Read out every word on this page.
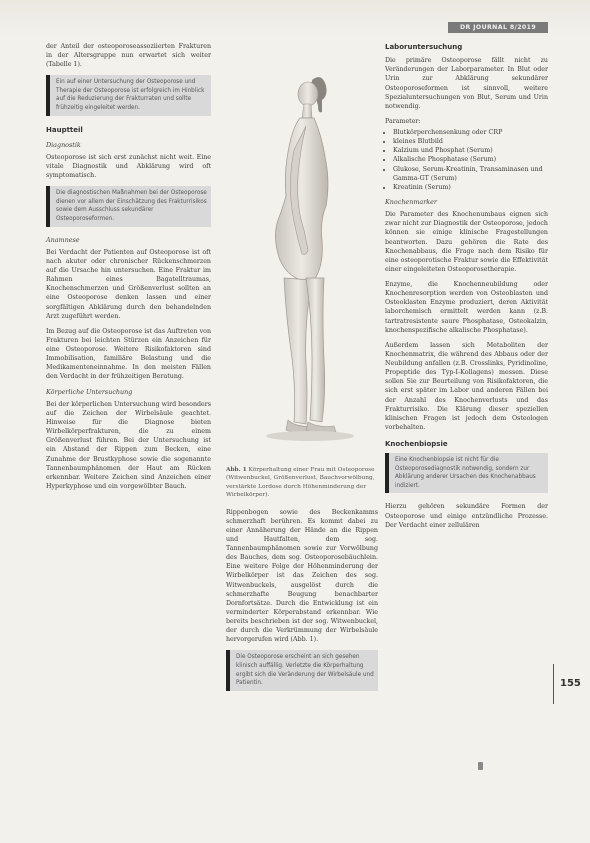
DR JOURNAL 8/2019

der Anteil der osteoporoseassoziierten Frakturen in der Altersgruppe nun erwartet sich weiter (Tabelle 1).

Ein auf einer Untersuchung der Osteoporose und Therapie der Osteoporose ist erfolgreich im Hinblick auf die Reduzierung der Frakturraten und sollte frühzeitig eingeleitet werden.
Hauptteil
Diagnostik

Osteoporose ist sich erst zunächst nicht weit. Eine vitale Diagnostik und Abklärung wird oft symptomatisch.

Die diagnostischen Maßnahmen bei der Osteoporose dienen vor allem der Einschätzung des Frakturrisikos sowie dem Ausschluss sekundärer Osteoporoseformen.
Anamnese

Bei Verdacht der Patienten auf Osteoporose ist oft nach akuter oder chronischer Rückenschmerzen auf die Ursache hin untersuchen. Eine Fraktur im Rahmen eines Bagatelltraumas, Knochenschmerzen und Größenverlust sollten an eine Osteoporose denken lassen und einer sorgfältigen Abklärung durch den behandelnden Arzt zugeführt werden.

Im Bezug auf die Osteoporose ist das Auftreten von Frakturen bei leichten Stürzen ein Anzeichen für eine Osteoporose. Weitere Risikofaktoren sind Immobilisation, familiäre Belastung und die Medikamenteneinnahme. In den meisten Fällen den Verdacht in der frühzeitigen Beratung.

Körperliche Untersuchung

Bei der körperlichen Untersuchung wird besonders auf die Zeichen der Wirbelsäule geachtet. Hinweise für die Diagnose bieten Wirbelkörperfrakturen, die zu einem Größenverlust führen. Bei der Untersuchung ist ein Abstand der Rippen zum Becken, eine Zunahme der Brustkyphose sowie die sogenannte Tannenbaumphänomen der Haut am Rücken erkennbar. Weitere Zeichen sind Anzeichen einer Hyperkyphose und ein vorgewölbter Bauch.

Abb. 1 Körperhaltung einer Frau mit Osteoporose (Witwenbuckel, Größenverlust, Bauchvorwölbung, verstärkte Lordose durch Höhenminderung der Wirbelkörper).

Rippenbogen sowie des Beckenkamms schmerzhaft berühren. Es kommt dabei zu einer Annäherung der Hände an die Rippen und Hautfalten, dem sog. Tannenbaumphänomen sowie zur Vorwölbung des Bauches, dem sog. Osteoporosebäuchlein. Eine weitere Folge der Höhenminderung der Wirbelkörper ist das Zeichen des sog. Witwenbuckels, ausgelöst durch die schmerzhafte Beugung benachbarter Dornfortsätze. Durch die Entwicklung ist ein verminderter Körperabstand erkennbar. Wie bereits beschrieben ist der sog. Witwenbuckel, der durch die Verkrümmung der Wirbelsäule hervorgerufen wird (Abb. 1).

Die Osteoporose erscheint an sich gesehen klinisch auffällig. Verletzte die Körperhaltung ergibt sich die Veränderung der Wirbelsäule und Patientin.
Laboruntersuchung

Die primäre Osteoporose fällt nicht zu Veränderungen der Laborparameter. In Blut oder Urin zur Abklärung sekundärer Osteoporoseformen ist sinnvoll, weitere Spezialuntersuchungen von Blut, Serum und Urin notwendig.

Parameter:
• Blutkörperchensenkung oder CRP
• kleines Blutbild
• Kalzium und Phosphat (Serum)
• Alkalische Phosphatase (Serum)
• Glukose, Serum-Kreatinin, Transaminasen und Gamma-GT (Serum)
• Kreatinin (Serum)
Knochenmarker

Die Parameter des Knochenumbaus eignen sich zwar nicht zur Diagnostik der Osteoporose, jedoch können sie einige klinische Fragestellungen beantworten. Dazu gehören die Rate des Knochenabbaus, die Frage nach dem Risiko für eine osteoporotische Fraktur sowie die Effektivität einer eingeleiteten Osteoporosetherapie.

Enzyme, die Knochenneubildung oder Knochenresorption werden von Osteoblasten und Osteoklasten Enzyme produziert, deren Aktivität laborchemisch ermittelt werden kann (z.B. tartratresistente saure Phosphatase, Osteokalzin, knochenspezifische alkalische Phosphatase).

Außerdem lassen sich Metaboliten der Knochenmatrix, die während des Abbaus oder der Neubildung anfallen (z.B. Crosslinks, Pyridinoline, Propeptide des Typ-I-Kollagens) messen. Diese sollen Sie zur Beurteilung von Risikofaktoren, die sich erst später im Labor und anderen Fällen bei der Anzahl des Knochenverlusts und das Frakturrisiko. Die Klärung dieser speziellen klinischen Fragen ist jedoch dem Osteologen vorbehalten.

Knochenbiopsie
Eine Knochenbiopsie ist nicht für die Osteoporosediagnostik notwendig, sondern zur Abklärung anderer Ursachen des Knochenabbaus indiziert.

Hierzu gehören sekundäre Formen der Osteoporose und einige entzündliche Prozesse. Der Verdacht einer zellulären

155
